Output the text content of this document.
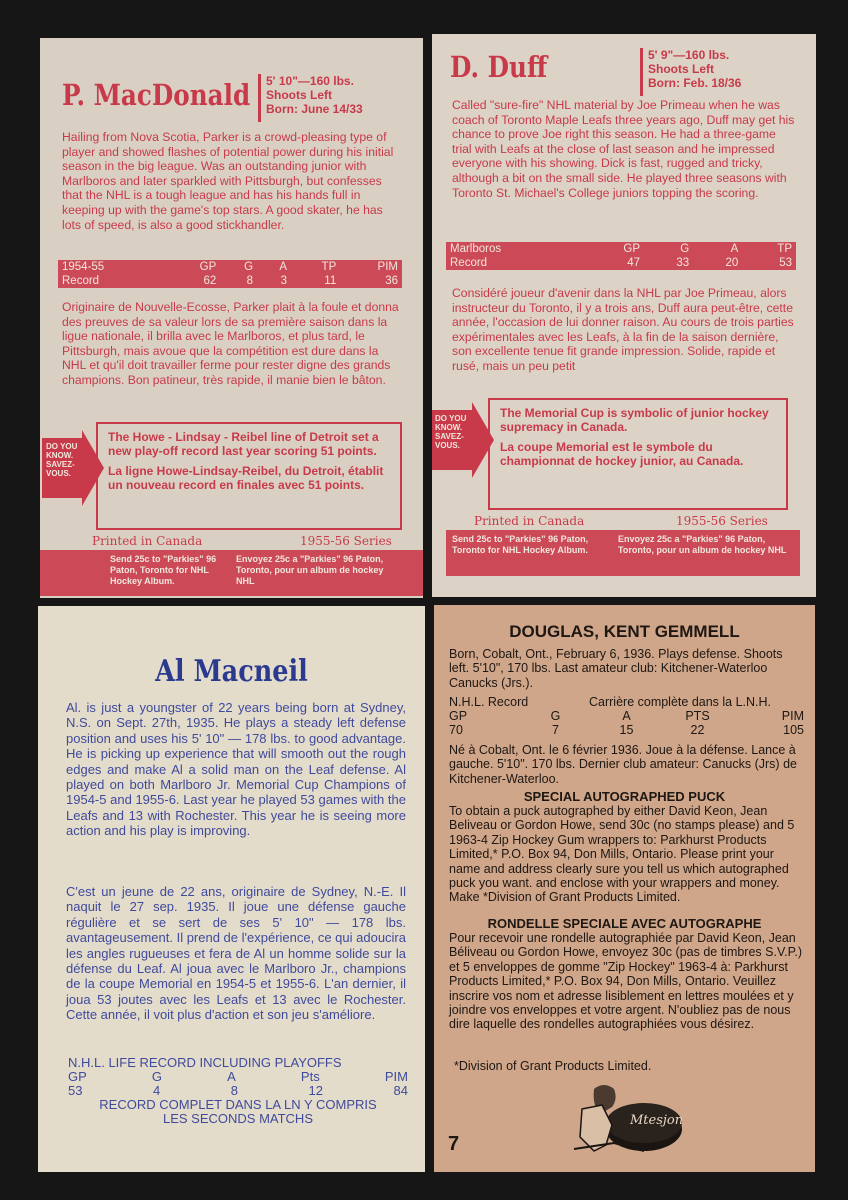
P. MacDonald 5' 10"—160 lbs.
Shoots Left
Born: June 14/33
Hailing from Nova Scotia, Parker is a crowd-pleasing type of player and showed flashes of potential power during his initial season in the big league. Was an outstanding junior with Marlboros and later sparkled with Pittsburgh, but confesses that the NHL is a tough league and has his hands full in keeping up with the game's top stars. A good skater, he has lots of speed, is also a good stickhandler.
1954-55	GP	G	A	TP	PIM
Record	62	8	3	11	36
Originaire de Nouvelle-Ecosse, Parker plait à la foule et donna des preuves de sa valeur lors de sa première saison dans la ligue nationale, il brilla avec le Marlboros, et plus tard, le Pittsburgh, mais avoue que la compétition est dure dans la NHL et qu'il doit travailler ferme pour rester digne des grands champions. Bon patineur, très rapide, il manie bien le bâton.
DO YOU KNOW. SAVEZ-VOUS.
The Howe - Lindsay - Reibel line of Detroit set a new play-off record last year scoring 51 points.
La ligne Howe-Lindsay-Reibel, du Detroit, établit un nouveau record en finales avec 51 points.
Printed in Canada	1955-56 Series
Send 25c to "Parkies" 96 Paton, Toronto for NHL Hockey Album.
Envoyez 25c a "Parkies" 96 Paton, Toronto, pour un album de hockey NHL
D. Duff	5' 9"—160 lbs.
Shoots Left
Born: Feb. 18/36
Called "sure-fire" NHL material by Joe Primeau when he was coach of Toronto Maple Leafs three years ago, Duff may get his chance to prove Joe right this season. He had a three-game trial with Leafs at the close of last season and he impressed everyone with his showing. Dick is fast, rugged and tricky, although a bit on the small side. He played three seasons with Toronto St. Michael's College juniors topping the scoring.
Marlboros	GP	G	A	TP
Record	47	33	20	53
Considéré joueur d'avenir dans la NHL par Joe Primeau, alors instructeur du Toronto, il y a trois ans, Duff aura peut-être, cette année, l'occasion de lui donner raison. Au cours de trois parties expérimentales avec les Leafs, à la fin de la saison dernière, son excellente tenue fit grande impression. Solide, rapide et rusé, mais un peu petit
DO YOU KNOW. SAVEZ-VOUS.
The Memorial Cup is symbolic of junior hockey supremacy in Canada.
La coupe Memorial est le symbole du championnat de hockey junior, au Canada.
Printed in Canada	1955-56 Series
Send 25c to "Parkies" 96 Paton, Toronto for NHL Hockey Album.
Envoyez 25c a "Parkies" 96 Paton, Toronto, pour un album de hockey NHL
Al Macneil
Al. is just a youngster of 22 years being born at Sydney, N.S. on Sept. 27th, 1935. He plays a steady left defense position and uses his 5' 10" — 178 lbs. to good advantage. He is picking up experience that will smooth out the rough edges and make Al a solid man on the Leaf defense. Al played on both Marlboro Jr. Memorial Cup Champions of 1954-5 and 1955-6. Last year he played 53 games with the Leafs and 13 with Rochester. This year he is seeing more action and his play is improving.
C'est un jeune de 22 ans, originaire de Sydney, N.-E. Il naquit le 27 sep. 1935. Il joue une défense gauche régulière et se sert de ses 5' 10" — 178 lbs. avantageusement. Il prend de l'expérience, ce qui adoucira les angles rugueuses et fera de Al un homme solide sur la défense du Leaf. Al joua avec le Marlboro Jr., champions de la coupe Memorial en 1954-5 et 1955-6. L'an dernier, il joua 53 joutes avec les Leafs et 13 avec le Rochester. Cette année, il voit plus d'action et son jeu s'améliore.
N.H.L. LIFE RECORD INCLUDING PLAYOFFS
GP	G	A	Pts	PIM
53	4	8	12	84
RECORD COMPLET DANS LA LN Y COMPRIS LES SECONDS MATCHS
DOUGLAS, KENT GEMMELL
Born, Cobalt, Ont., February 6, 1936. Plays defense. Shoots left. 5'10", 170 lbs. Last amateur club: Kitchener-Waterloo Canucks (Jrs.).
N.H.L. Record	Carrière complète dans la L.N.H.
GP	G	A	PTS	PIM
70	7	15	22	105
Né à Cobalt, Ont. le 6 février 1936. Joue à la défense. Lance à gauche. 5'10". 170 lbs. Dernier club amateur: Canucks (Jrs) de Kitchener-Waterloo.
SPECIAL AUTOGRAPHED PUCK
To obtain a puck autographed by either David Keon, Jean Beliveau or Gordon Howe, send 30c (no stamps please) and 5 1963-4 Zip Hockey Gum wrappers to: Parkhurst Products Limited,* P.O. Box 94, Don Mills, Ontario. Please print your name and address clearly sure you tell us which autographed puck you want. and enclose with your wrappers and money. Make *Division of Grant Products Limited.
RONDELLE SPECIALE AVEC AUTOGRAPHE
Pour recevoir une rondelle autographiée par David Keon, Jean Béliveau ou Gordon Howe, envoyez 30c (pas de timbres S.V.P.) et 5 enveloppes de gomme "Zip Hockey" 1963-4 à: Parkhurst Products Limited,* P.O. Box 94, Don Mills, Ontario. Veuillez inscrire vos nom et adresse lisiblement en lettres moulées et y joindre vos enveloppes et votre argent. N'oubliez pas de nous dire laquelle des rondelles autographiées vous désirez.
*Division of Grant Products Limited.
7
Mtesjon
